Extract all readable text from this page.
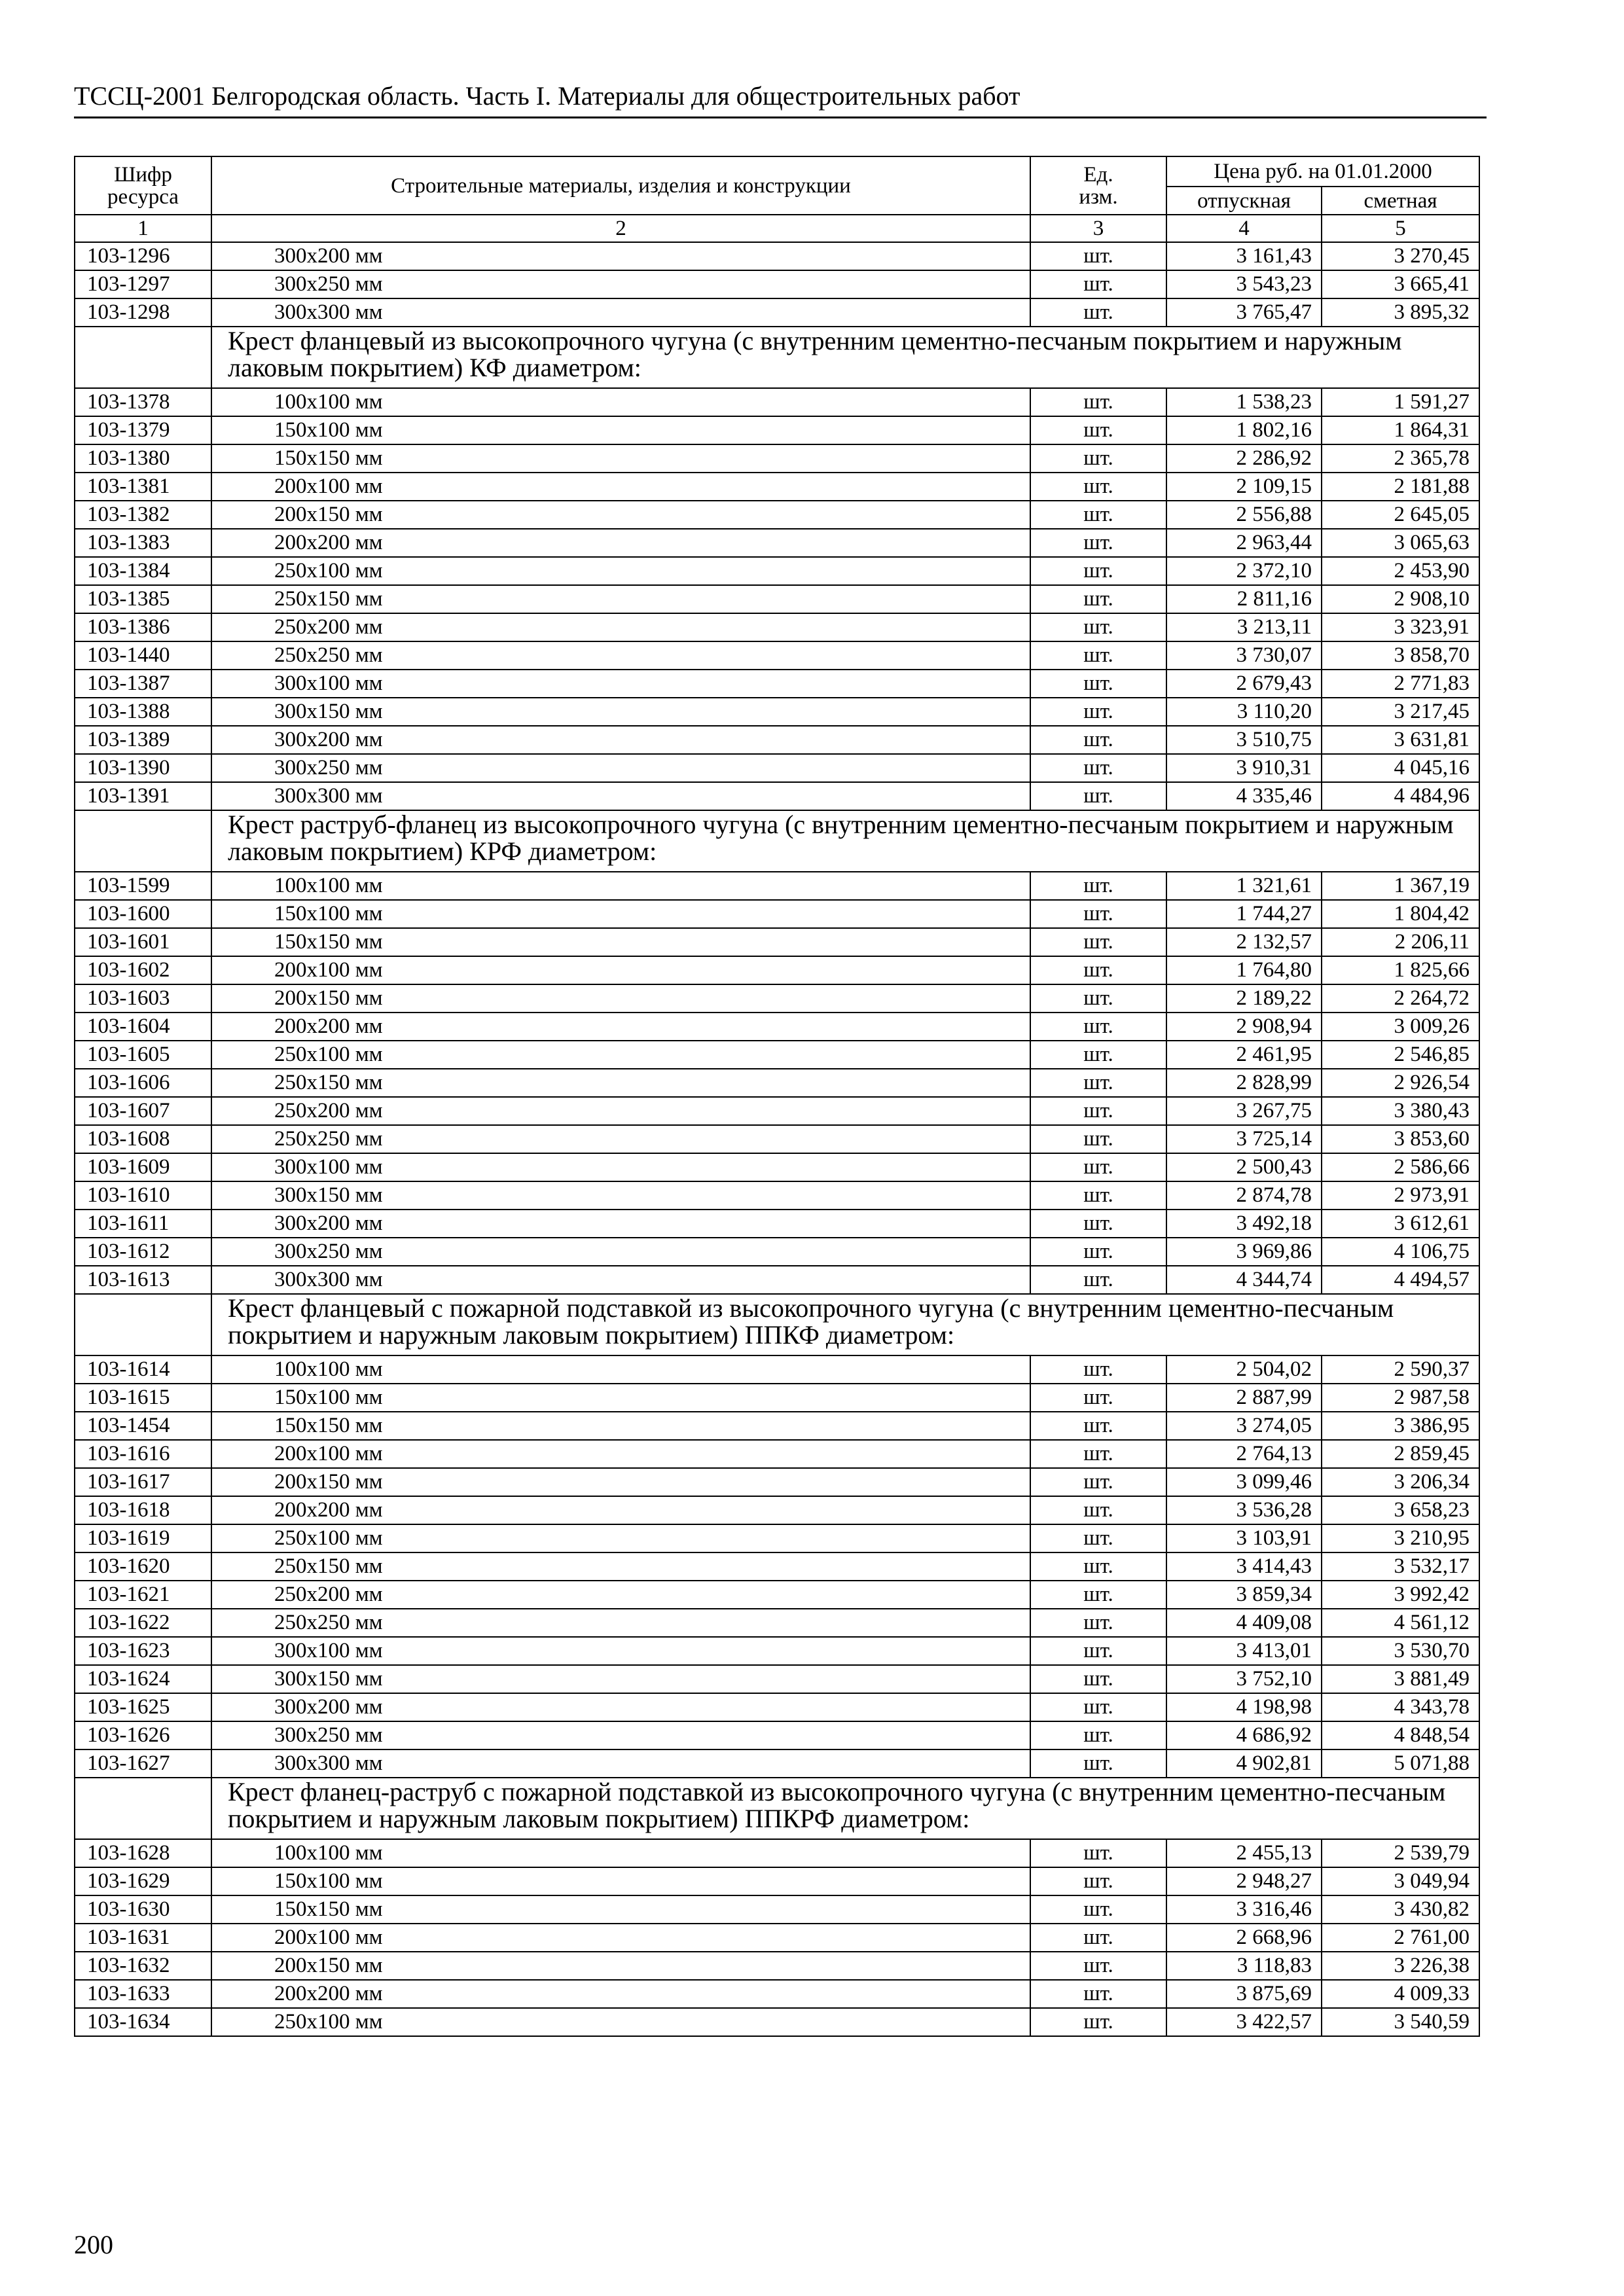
ТССЦ-2001 Белгородская область. Часть I. Материалы для общестроительных работ
Шифр ресурса	Строительные материалы, изделия и конструкции	Ед. изм.	Цена руб. на 01.01.2000	
			отпускная	сметная
1	2	3	4	5
103-1296	300х200 мм	шт.	3 161,43	3 270,45
103-1297	300х250 мм	шт.	3 543,23	3 665,41
103-1298	300х300 мм	шт.	3 765,47	3 895,32
	Крест фланцевый из высокопрочного чугуна (с внутренним цементно-песчаным покрытием и наружным лаковым покрытием) КФ диаметром:			
103-1378	100х100 мм	шт.	1 538,23	1 591,27
103-1379	150х100 мм	шт.	1 802,16	1 864,31
103-1380	150х150 мм	шт.	2 286,92	2 365,78
103-1381	200х100 мм	шт.	2 109,15	2 181,88
103-1382	200х150 мм	шт.	2 556,88	2 645,05
103-1383	200х200 мм	шт.	2 963,44	3 065,63
103-1384	250х100 мм	шт.	2 372,10	2 453,90
103-1385	250х150 мм	шт.	2 811,16	2 908,10
103-1386	250х200 мм	шт.	3 213,11	3 323,91
103-1440	250х250 мм	шт.	3 730,07	3 858,70
103-1387	300х100 мм	шт.	2 679,43	2 771,83
103-1388	300х150 мм	шт.	3 110,20	3 217,45
103-1389	300х200 мм	шт.	3 510,75	3 631,81
103-1390	300х250 мм	шт.	3 910,31	4 045,16
103-1391	300х300 мм	шт.	4 335,46	4 484,96
	Крест раструб-фланец из высокопрочного чугуна (с внутренним цементно-песчаным покрытием и наружным лаковым покрытием) КРФ диаметром:			
103-1599	100х100 мм	шт.	1 321,61	1 367,19
103-1600	150х100 мм	шт.	1 744,27	1 804,42
103-1601	150х150 мм	шт.	2 132,57	2 206,11
103-1602	200х100 мм	шт.	1 764,80	1 825,66
103-1603	200х150 мм	шт.	2 189,22	2 264,72
103-1604	200х200 мм	шт.	2 908,94	3 009,26
103-1605	250х100 мм	шт.	2 461,95	2 546,85
103-1606	250х150 мм	шт.	2 828,99	2 926,54
103-1607	250х200 мм	шт.	3 267,75	3 380,43
103-1608	250х250 мм	шт.	3 725,14	3 853,60
103-1609	300х100 мм	шт.	2 500,43	2 586,66
103-1610	300х150 мм	шт.	2 874,78	2 973,91
103-1611	300х200 мм	шт.	3 492,18	3 612,61
103-1612	300х250 мм	шт.	3 969,86	4 106,75
103-1613	300х300 мм	шт.	4 344,74	4 494,57
	Крест фланцевый с пожарной подставкой из высокопрочного чугуна (с внутренним цементно-песчаным покрытием и наружным лаковым покрытием) ППКФ диаметром:			
103-1614	100х100 мм	шт.	2 504,02	2 590,37
103-1615	150х100 мм	шт.	2 887,99	2 987,58
103-1454	150х150 мм	шт.	3 274,05	3 386,95
103-1616	200х100 мм	шт.	2 764,13	2 859,45
103-1617	200х150 мм	шт.	3 099,46	3 206,34
103-1618	200х200 мм	шт.	3 536,28	3 658,23
103-1619	250х100 мм	шт.	3 103,91	3 210,95
103-1620	250х150 мм	шт.	3 414,43	3 532,17
103-1621	250х200 мм	шт.	3 859,34	3 992,42
103-1622	250х250 мм	шт.	4 409,08	4 561,12
103-1623	300х100 мм	шт.	3 413,01	3 530,70
103-1624	300х150 мм	шт.	3 752,10	3 881,49
103-1625	300х200 мм	шт.	4 198,98	4 343,78
103-1626	300х250 мм	шт.	4 686,92	4 848,54
103-1627	300х300 мм	шт.	4 902,81	5 071,88
	Крест фланец-раструб с пожарной подставкой из высокопрочного чугуна (с внутренним цементно-песчаным покрытием и наружным лаковым покрытием) ППКРФ диаметром:			
103-1628	100х100 мм	шт.	2 455,13	2 539,79
103-1629	150х100 мм	шт.	2 948,27	3 049,94
103-1630	150х150 мм	шт.	3 316,46	3 430,82
103-1631	200х100 мм	шт.	2 668,96	2 761,00
103-1632	200х150 мм	шт.	3 118,83	3 226,38
103-1633	200х200 мм	шт.	3 875,69	4 009,33
103-1634	250х100 мм	шт.	3 422,57	3 540,59
200
